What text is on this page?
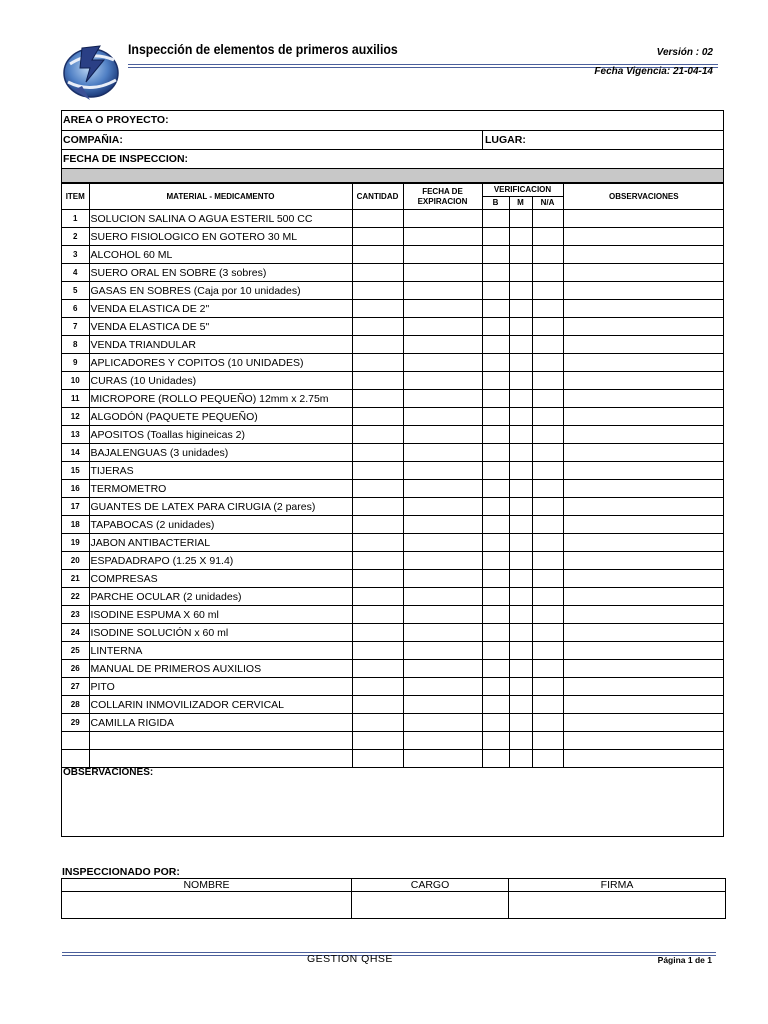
Inspección de elementos de primeros auxilios	Versión : 02
Fecha Vigencia: 21-04-14
AREA O PROYECTO:
COMPAÑIA:	LUGAR:
FECHA DE INSPECCION:
ITEM	MATERIAL - MEDICAMENTO	CANTIDAD	FECHA DE
EXPIRACION	VERIFICACION			OBSERVACIONES
				B	M	N/A	
1	SOLUCION SALINA O AGUA ESTERIL 500 CC						
2	SUERO FISIOLOGICO EN GOTERO 30 ML						
3	ALCOHOL 60 ML						
4	SUERO ORAL EN SOBRE (3 sobres)						
5	GASAS EN SOBRES (Caja por 10 unidades)						
6	VENDA ELASTICA DE 2"						
7	VENDA ELASTICA DE 5"						
8	VENDA TRIANDULAR						
9	APLICADORES Y COPITOS (10 UNIDADES)						
10	CURAS (10 Unidades)						
11	MICROPORE (ROLLO PEQUEÑO) 12mm x 2.75m						
12	ALGODÓN (PAQUETE PEQUEÑO)						
13	APOSITOS (Toallas higineicas 2)						
14	BAJALENGUAS (3 unidades)						
15	TIJERAS						
16	TERMOMETRO						
17	GUANTES DE LATEX PARA CIRUGIA (2 pares)						
18	TAPABOCAS (2 unidades)						
19	JABON ANTIBACTERIAL						
20	ESPADADRAPO (1.25 X 91.4)						
21	COMPRESAS						
22	PARCHE OCULAR (2 unidades)						
23	ISODINE ESPUMA X 60 ml						
24	ISODINE SOLUCIÓN x 60 ml						
25	LINTERNA						
26	MANUAL DE PRIMEROS AUXILIOS						
27	PITO						
28	COLLARIN INMOVILIZADOR CERVICAL						
29	CAMILLA RIGIDA						

OBSERVACIONES:
INSPECCIONADO POR:
NOMBRE	CARGO	FIRMA

GESTION QHSE	Página 1 de 1
